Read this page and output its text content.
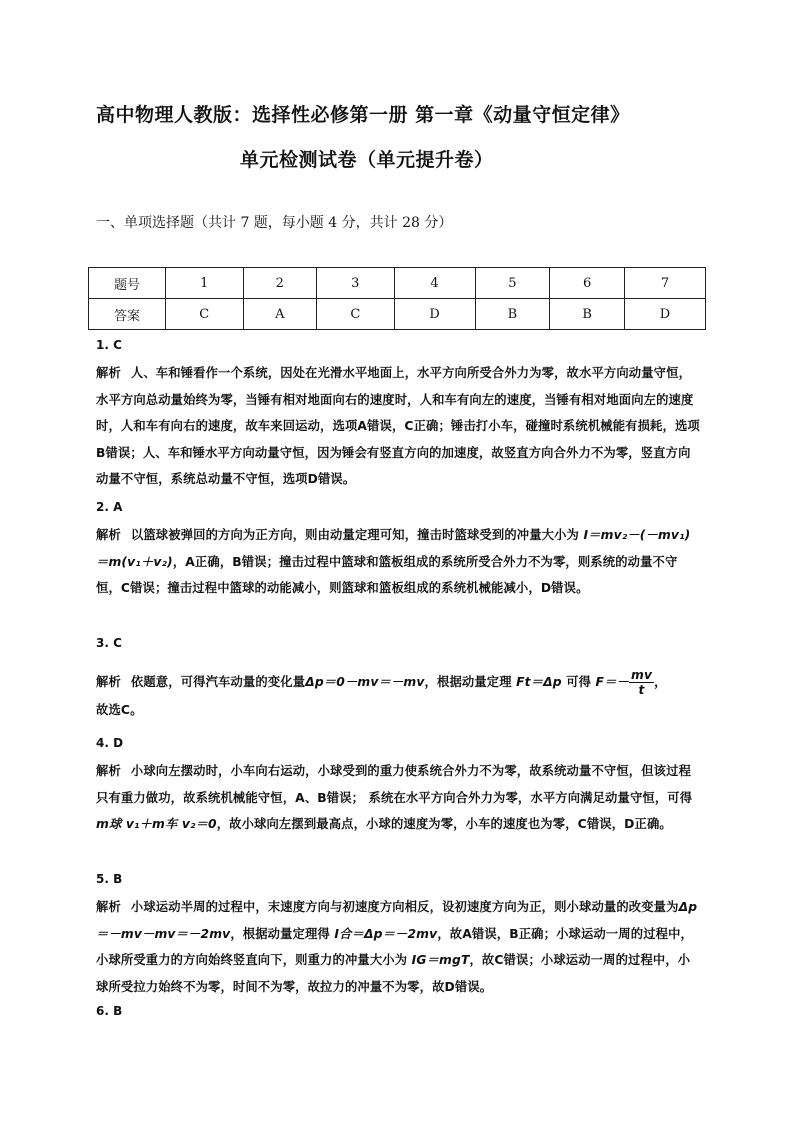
高中物理人教版：选择性必修第一册 第一章《动量守恒定律》
单元检测试卷（单元提升卷）
一、单项选择题（共计 7 题，每小题 4 分，共计 28 分）
题号	1	2	3	4	5	6	7
答案	C	A	C	D	B	B	D
1. C
解析 人、车和锤看作一个系统，因处在光滑水平地面上，水平方向所受合外力为零，故水平方向动量守恒，水平方向总动量始终为零，当锤有相对地面向右的速度时，人和车有向左的速度，当锤有相对地面向左的速度时，人和车有向右的速度，故车来回运动，选项A错误，C正确；锤击打小车，碰撞时系统机械能有损耗，选项B错误；人、车和锤水平方向动量守恒，因为锤会有竖直方向的加速度，故竖直方向合外力不为零，竖直方向动量不守恒，系统总动量不守恒，选项D错误。
2. A
解析 以篮球被弹回的方向为正方向，则由动量定理可知，撞击时篮球受到的冲量大小为 I＝mv₂－(－mv₁)＝m(v₁＋v₂)，A正确，B错误；撞击过程中篮球和篮板组成的系统所受合外力不为零，则系统的动量不守恒，C错误；撞击过程中篮球的动能减小，则篮球和篮板组成的系统机械能减小，D错误。
3. C
解析 依题意，可得汽车动量的变化量Δp＝0－mv＝－mv，根据动量定理 Ft＝Δp 可得 $F=- \frac{mv}{t}$ ，
故选C。
4. D
解析 小球向左摆动时，小车向右运动，小球受到的重力使系统合外力不为零，故系统动量不守恒，但该过程只有重力做功，故系统机械能守恒，A、B错误； 系统在水平方向合外力为零，水平方向满足动量守恒，可得 m球 v₁＋m车 v₂＝0，故小球向左摆到最高点，小球的速度为零，小车的速度也为零，C错误，D正确。
5. B
解析 小球运动半周的过程中，末速度方向与初速度方向相反，设初速度方向为正，则小球动量的改变量为Δp＝－mv－mv＝－2mv，根据动量定理得 I合＝Δp＝－2mv，故A错误，B正确；小球运动一周的过程中，小球所受重力的方向始终竖直向下，则重力的冲量大小为 IG＝mgT，故C错误；小球运动一周的过程中，小球所受拉力始终不为零，时间不为零，故拉力的冲量不为零，故D错误。
6. B
